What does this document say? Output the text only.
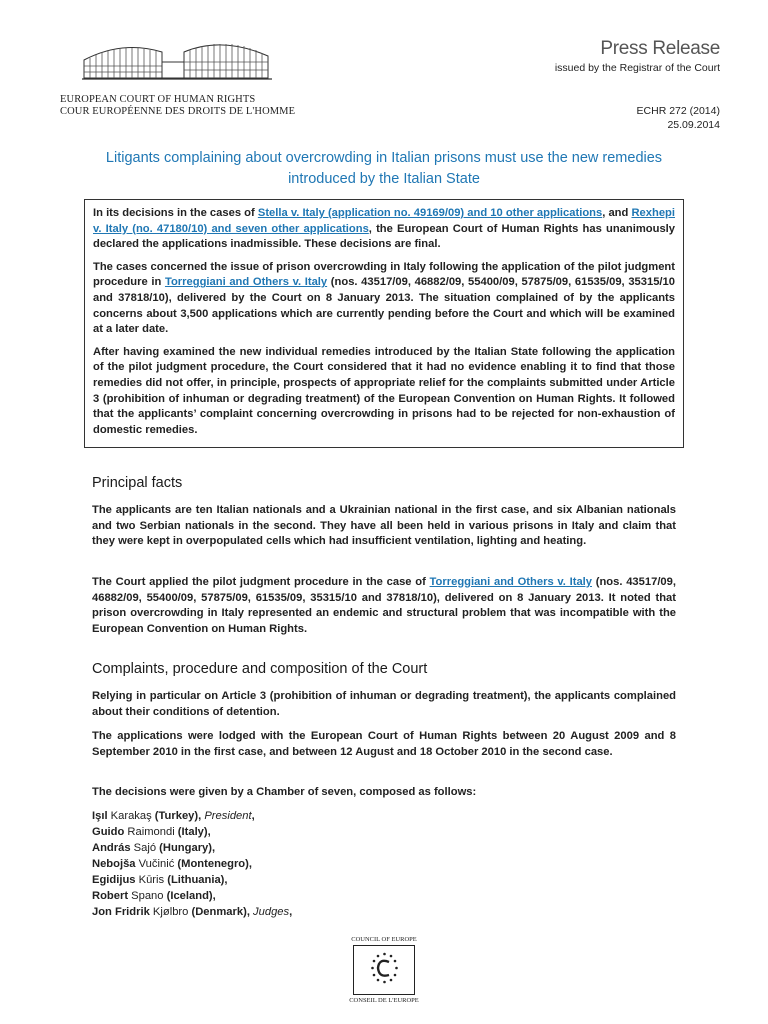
EUROPEAN COURT OF HUMAN RIGHTS
COUR EUROPÉENNE DES DROITS DE L'HOMME
Press Release
issued by the Registrar of the Court
ECHR 272 (2014)
25.09.2014
Litigants complaining about overcrowding in Italian prisons must use the new remedies introduced by the Italian State

In its decisions in the cases of Stella v. Italy (application no. 49169/09) and 10 other applications, and Rexhepi v. Italy (no. 47180/10) and seven other applications, the European Court of Human Rights has unanimously declared the applications inadmissible. These decisions are final.

The cases concerned the issue of prison overcrowding in Italy following the application of the pilot judgment procedure in Torreggiani and Others v. Italy (nos. 43517/09, 46882/09, 55400/09, 57875/09, 61535/09, 35315/10 and 37818/10), delivered by the Court on 8 January 2013. The situation complained of by the applicants concerns about 3,500 applications which are currently pending before the Court and which will be examined at a later date.

After having examined the new individual remedies introduced by the Italian State following the application of the pilot judgment procedure, the Court considered that it had no evidence enabling it to find that those remedies did not offer, in principle, prospects of appropriate relief for the complaints submitted under Article 3 (prohibition of inhuman or degrading treatment) of the European Convention on Human Rights. It followed that the applicants’ complaint concerning overcrowding in prisons had to be rejected for non-exhaustion of domestic remedies.

Principal facts

The applicants are ten Italian nationals and a Ukrainian national in the first case, and six Albanian nationals and two Serbian nationals in the second. They have all been held in various prisons in Italy and claim that they were kept in overpopulated cells which had insufficient ventilation, lighting and heating.

The Court applied the pilot judgment procedure in the case of Torreggiani and Others v. Italy (nos. 43517/09, 46882/09, 55400/09, 57875/09, 61535/09, 35315/10 and 37818/10), delivered on 8 January 2013. It noted that prison overcrowding in Italy represented an endemic and structural problem that was incompatible with the European Convention on Human Rights.

Complaints, procedure and composition of the Court

Relying in particular on Article 3 (prohibition of inhuman or degrading treatment), the applicants complained about their conditions of detention.

The applications were lodged with the European Court of Human Rights between 20 August 2009 and 8 September 2010 in the first case, and between 12 August and 18 October 2010 in the second case.

The decisions were given by a Chamber of seven, composed as follows:

Işıl Karakaş (Turkey), President,
Guido Raimondi (Italy),
András Sajó (Hungary),
Nebojša Vučinić (Montenegro),
Egidijus Kūris (Lithuania),
Robert Spano (Iceland),
Jon Fridrik Kjølbro (Denmark), Judges,
COUNCIL OF EUROPE
CONSEIL DE L'EUROPE
